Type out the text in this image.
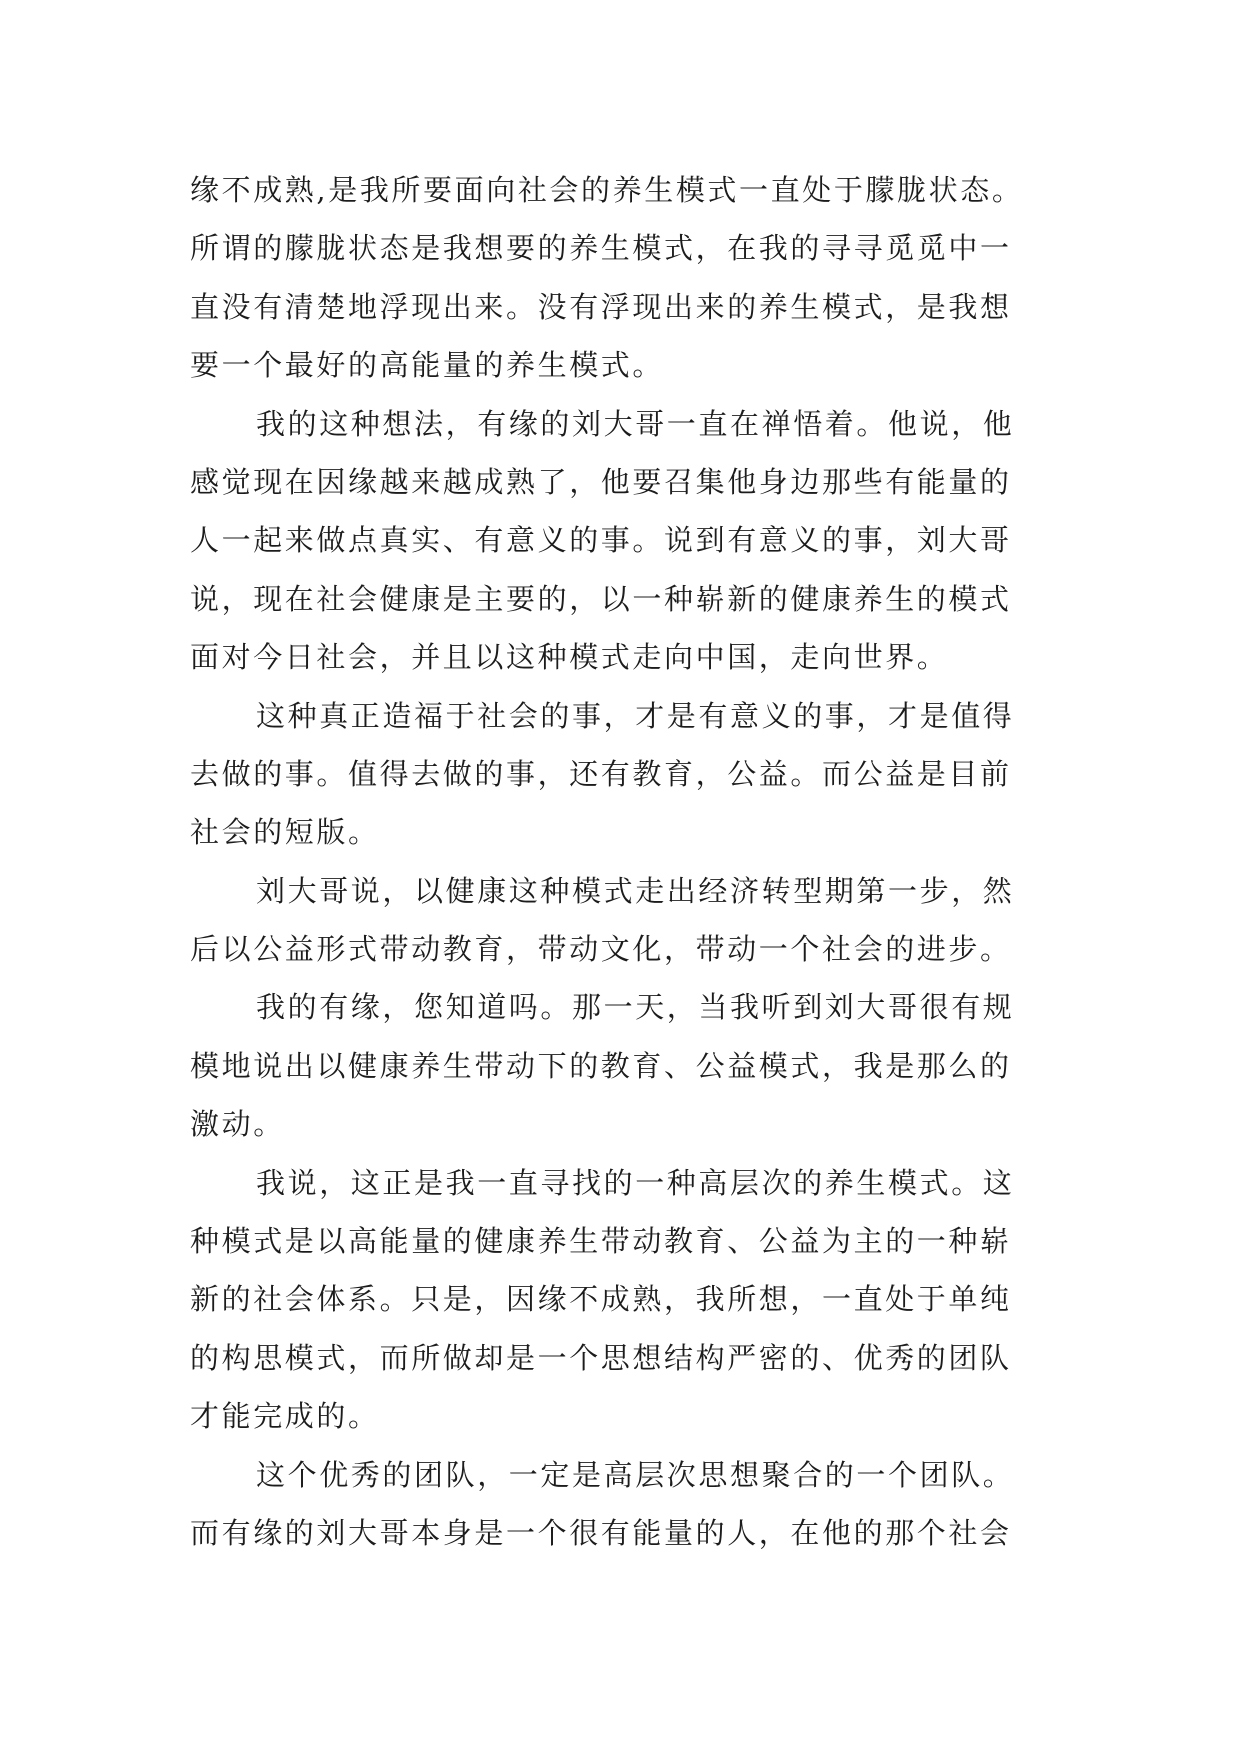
缘不成熟,是我所要面向社会的养生模式一直处于朦胧状态。
所谓的朦胧状态是我想要的养生模式，在我的寻寻觅觅中一
直没有清楚地浮现出来。没有浮现出来的养生模式，是我想
要一个最好的高能量的养生模式。
我的这种想法，有缘的刘大哥一直在禅悟着。他说，他
感觉现在因缘越来越成熟了，他要召集他身边那些有能量的
人一起来做点真实、有意义的事。说到有意义的事，刘大哥
说，现在社会健康是主要的，以一种崭新的健康养生的模式
面对今日社会，并且以这种模式走向中国，走向世界。
这种真正造福于社会的事，才是有意义的事，才是值得
去做的事。值得去做的事，还有教育，公益。而公益是目前
社会的短版。
刘大哥说，以健康这种模式走出经济转型期第一步，然
后以公益形式带动教育，带动文化，带动一个社会的进步。
我的有缘，您知道吗。那一天，当我听到刘大哥很有规
模地说出以健康养生带动下的教育、公益模式，我是那么的
激动。
我说，这正是我一直寻找的一种高层次的养生模式。这
种模式是以高能量的健康养生带动教育、公益为主的一种崭
新的社会体系。只是，因缘不成熟，我所想，一直处于单纯
的构思模式，而所做却是一个思想结构严密的、优秀的团队
才能完成的。
这个优秀的团队，一定是高层次思想聚合的一个团队。
而有缘的刘大哥本身是一个很有能量的人，在他的那个社会
